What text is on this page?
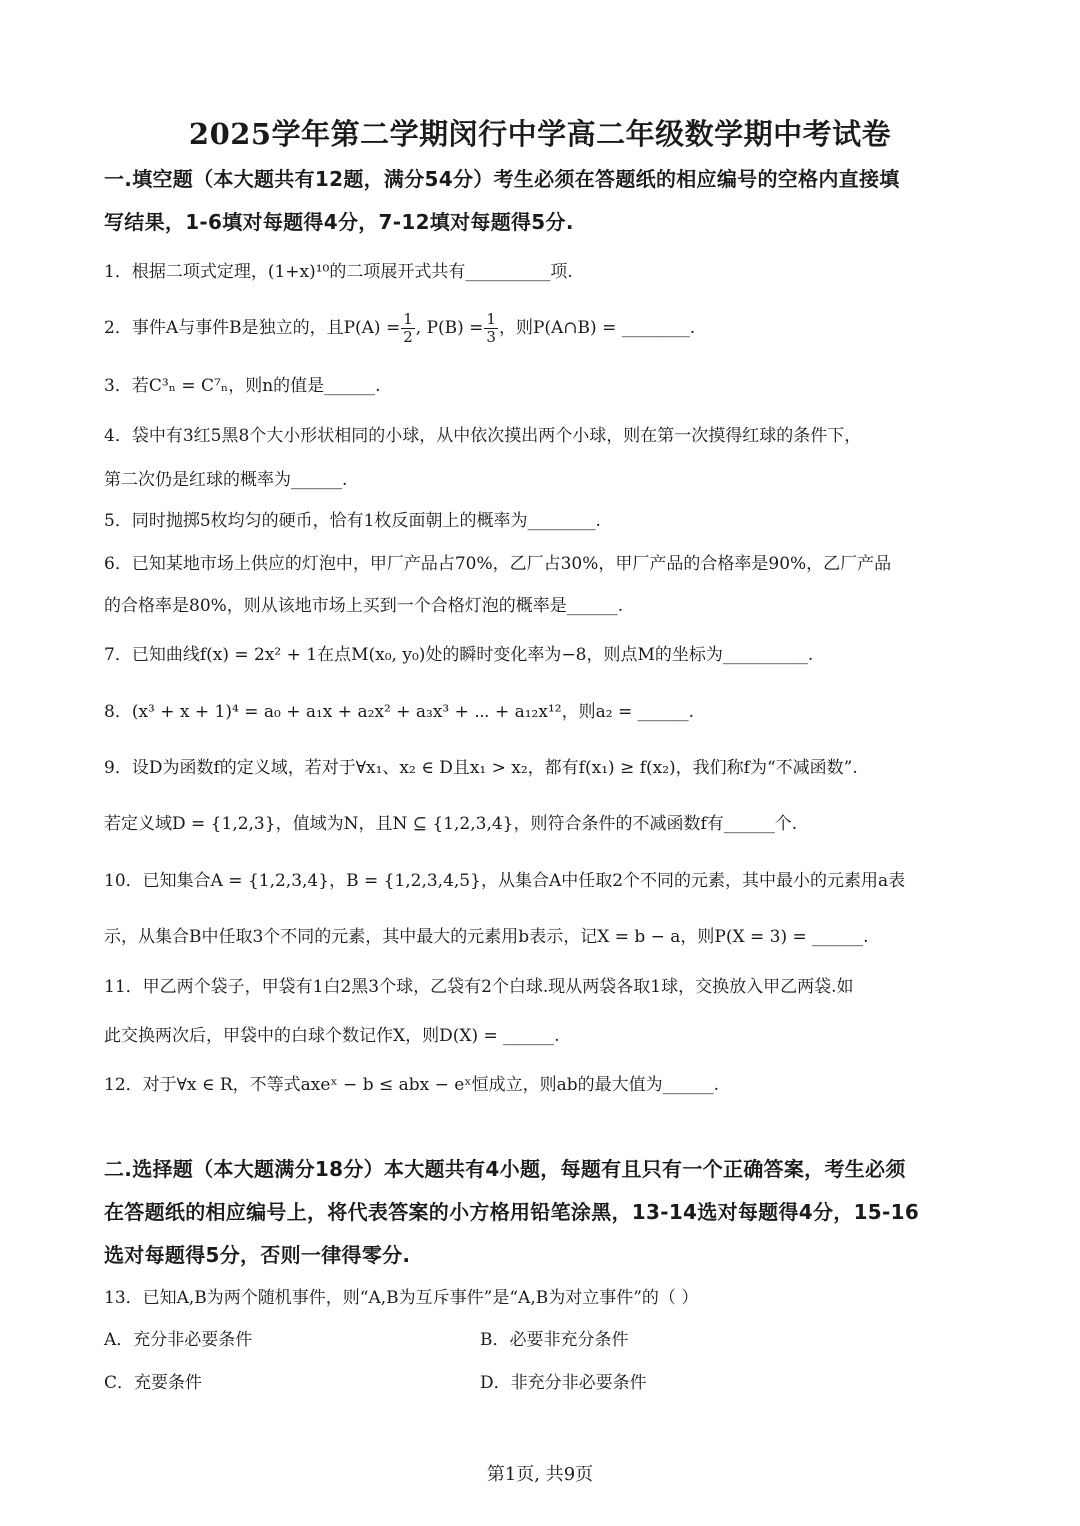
2025学年第二学期闵行中学高二年级数学期中考试卷
一.填空题（本大题共有12题，满分54分）考生必须在答题纸的相应编号的空格内直接填
写结果，1-6填对每题得4分，7-12填对每题得5分.
1．根据二项式定理，(1+x)¹⁰的二项展开式共有__________项.
2．事件A与事件B是独立的，且$P(A) = \frac{1}{2}$ , $P(B) = \frac{1}{3}$ ，则P(A∩B) = ________.
3．若C³ₙ = C⁷ₙ，则n的值是______.
4．袋中有3红5黑8个大小形状相同的小球，从中依次摸出两个小球，则在第一次摸得红球的条件下，
第二次仍是红球的概率为______.
5．同时抛掷5枚均匀的硬币，恰有1枚反面朝上的概率为________.
6．已知某地市场上供应的灯泡中，甲厂产品占70%，乙厂占30%，甲厂产品的合格率是90%，乙厂产品
的合格率是80%，则从该地市场上买到一个合格灯泡的概率是______.
7．已知曲线f(x) = 2x² + 1在点M(x₀, y₀)处的瞬时变化率为−8，则点M的坐标为__________.
8．(x³ + x + 1)⁴ = a₀ + a₁x + a₂x² + a₃x³ + ⋯ + a₁₂x¹²，则a₂ = ______.
9．设D为函数f的定义域，若对于∀x₁、x₂ ∈ D且x₁ > x₂，都有f(x₁) ≥ f(x₂)，我们称f为“不减函数”.
若定义域D = {1,2,3}，值域为N，且N ⊆ {1,2,3,4}，则符合条件的不减函数f有______个.
10．已知集合A = {1,2,3,4}，B = {1,2,3,4,5}，从集合A中任取2个不同的元素，其中最小的元素用a表
示，从集合B中任取3个不同的元素，其中最大的元素用b表示，记X = b − a，则P(X = 3) = ______.
11．甲乙两个袋子，甲袋有1白2黑3个球，乙袋有2个白球.现从两袋各取1球，交换放入甲乙两袋.如
此交换两次后，甲袋中的白球个数记作X，则D(X) = ______.
12．对于∀x ∈ R，不等式axeˣ − b ≤ abx − eˣ恒成立，则ab的最大值为______.
二.选择题（本大题满分18分）本大题共有4小题，每题有且只有一个正确答案，考生必须
在答题纸的相应编号上，将代表答案的小方格用铅笔涂黑，13-14选对每题得4分，15-16
选对每题得5分，否则一律得零分.
13．已知A,B为两个随机事件，则“A,B为互斥事件”是“A,B为对立事件”的（ ）
A．充分非必要条件	B．必要非充分条件
C．充要条件	D．非充分非必要条件
第1页, 共9页
